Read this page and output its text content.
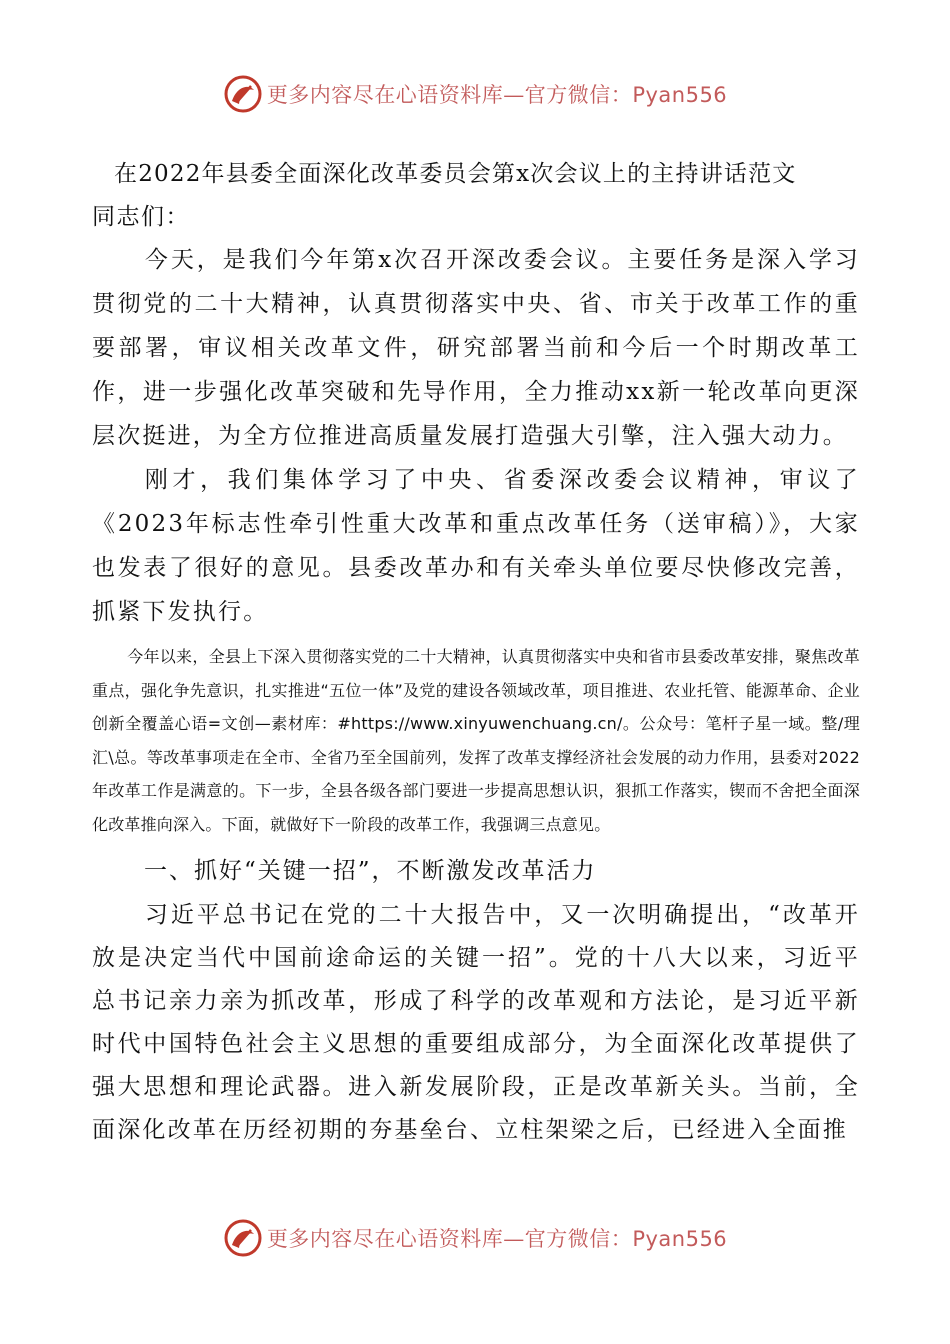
更多内容尽在心语资料库—官方微信：Pyan556

在2022年县委全面深化改革委员会第x次会议上的主持讲话范文

同志们：

今天，是我们今年第x次召开深改委会议。主要任务是深入学习贯彻党的二十大精神，认真贯彻落实中央、省、市关于改革工作的重要部署，审议相关改革文件，研究部署当前和今后一个时期改革工作，进一步强化改革突破和先导作用，全力推动xx新一轮改革向更深层次挺进，为全方位推进高质量发展打造强大引擎，注入强大动力。

刚才，我们集体学习了中央、省委深改委会议精神，审议了《2023年标志性牵引性重大改革和重点改革任务（送审稿）》，大家也发表了很好的意见。县委改革办和有关牵头单位要尽快修改完善，抓紧下发执行。

今年以来，全县上下深入贯彻落实党的二十大精神，认真贯彻落实中央和省市县委改革安排，聚焦改革重点，强化争先意识，扎实推进“五位一体”及党的建设各领域改革，项目推进、农业托管、能源革命、企业创新全覆盖心语=文创—素材库：#https://www.xinyuwenchuang.cn/。公众号：笔杆子星一域。整/理汇\总。等改革事项走在全市、全省乃至全国前列，发挥了改革支撑经济社会发展的动力作用，县委对2022年改革工作是满意的。下一步，全县各级各部门要进一步提高思想认识，狠抓工作落实，锲而不舍把全面深化改革推向深入。下面，就做好下一阶段的改革工作，我强调三点意见。

一、抓好“关键一招”，不断激发改革活力

习近平总书记在党的二十大报告中，又一次明确提出，“改革开放是决定当代中国前途命运的关键一招”。党的十八大以来，习近平总书记亲力亲为抓改革，形成了科学的改革观和方法论，是习近平新时代中国特色社会主义思想的重要组成部分，为全面深化改革提供了强大思想和理论武器。进入新发展阶段，正是改革新关头。当前，全面深化改革在历经初期的夯基垒台、立柱架梁之后，已经进入全面推

更多内容尽在心语资料库—官方微信：Pyan556
